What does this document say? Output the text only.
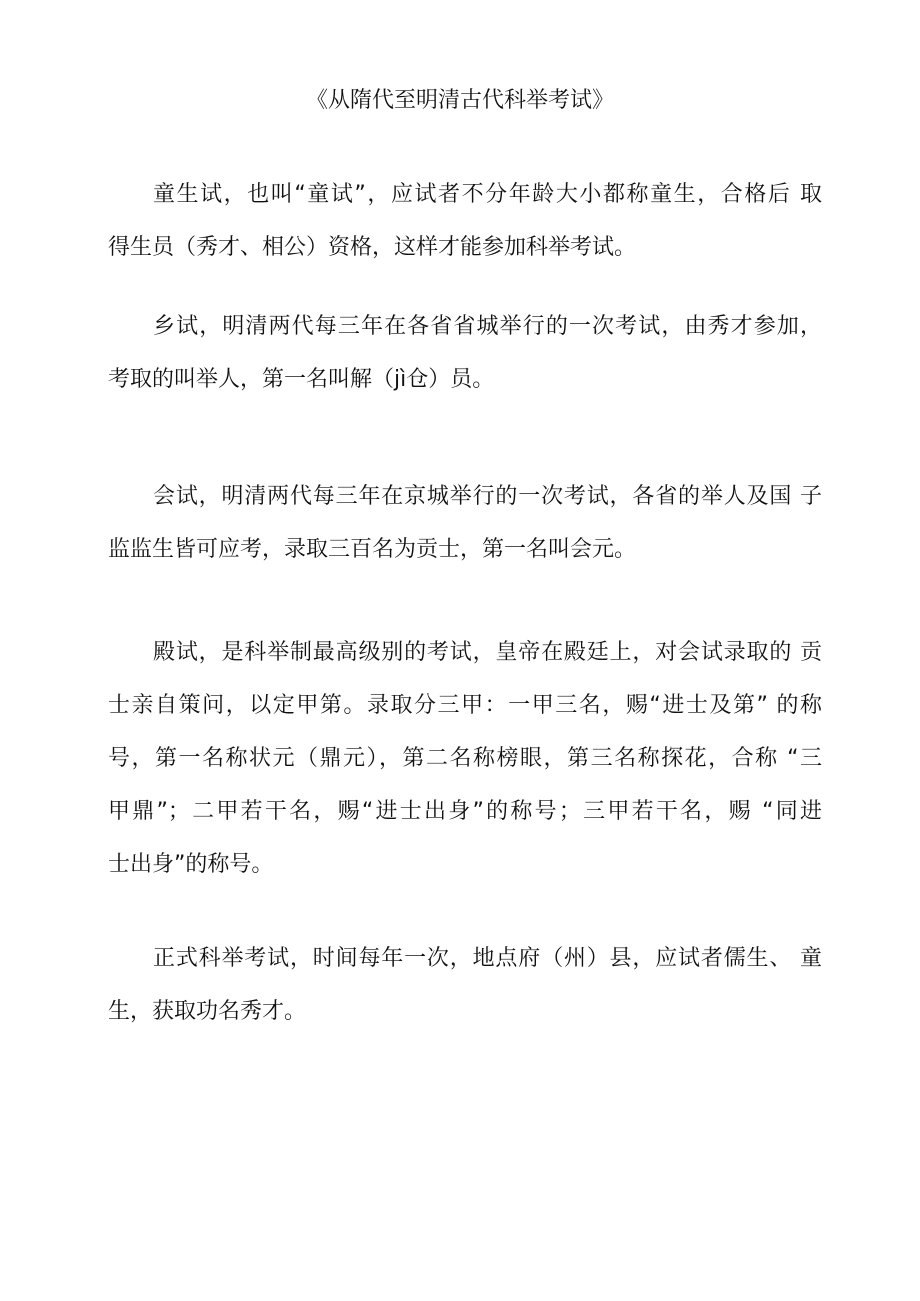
《从隋代至明清古代科举考试》
童生试，也叫“童试”，应试者不分年龄大小都称童生，合格后 取
得生员（秀才、相公）资格，这样才能参加科举考试。
乡试，明清两代每三年在各省省城举行的一次考试，由秀才参加，
考取的叫举人，第一名叫解（jì仓）员。
会试，明清两代每三年在京城举行的一次考试，各省的举人及国 子
监监生皆可应考，录取三百名为贡士，第一名叫会元。
殿试，是科举制最高级别的考试，皇帝在殿廷上，对会试录取的 贡
士亲自策问，以定甲第。录取分三甲：一甲三名，赐“进士及第” 的称
号，第一名称状元（鼎元），第二名称榜眼，第三名称探花，合称 “三
甲鼎”；二甲若干名，赐“进士出身”的称号；三甲若干名，赐 “同进
士出身”的称号。
正式科举考试，时间每年一次，地点府（州）县，应试者儒生、 童
生，获取功名秀才。
